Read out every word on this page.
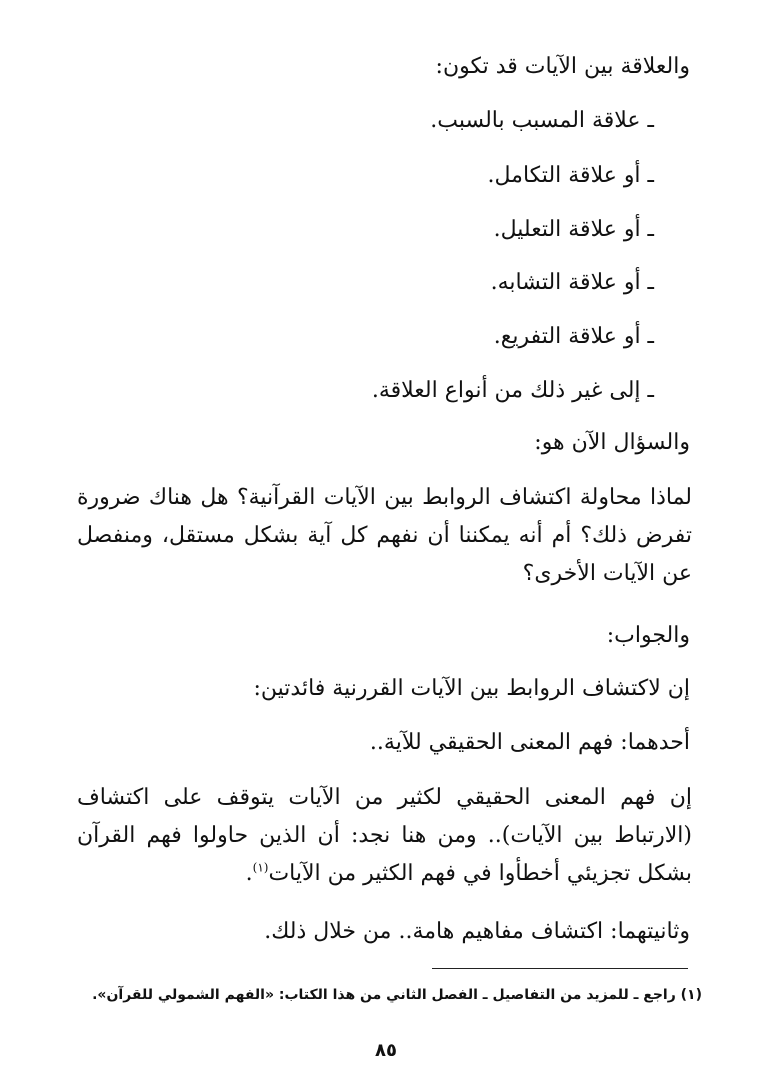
والعلاقة بين الآيات قد تكون:
ـ علاقة المسبب بالسبب.
ـ أو علاقة التكامل.
ـ أو علاقة التعليل.
ـ أو علاقة التشابه.
ـ أو علاقة التفريع.
ـ إلى غير ذلك من أنواع العلاقة.
والسؤال الآن هو:
لماذا محاولة اكتشاف الروابط بين الآيات القرآنية؟ هل هناك ضرورة تفرض ذلك؟ أم أنه يمكننا أن نفهم كل آية بشكل مستقل، ومنفصل عن الآيات الأخرى؟
والجواب:
إن لاكتشاف الروابط بين الآيات القررنية فائدتين:
أحدهما: فهم المعنى الحقيقي للآية..
إن فهم المعنى الحقيقي لكثير من الآيات يتوقف على اكتشاف (الارتباط بين الآيات).. ومن هنا نجد: أن الذين حاولوا فهم القرآن بشكل تجزيئي أخطأوا في فهم الكثير من الآيات$^{(١)}$.
وثانيتهما: اكتشاف مفاهيم هامة.. من خلال ذلك.
(١) راجع ـ للمزيد من التفاصيل ـ الفصل الثاني من هذا الكتاب: «الفهم الشمولي للقرآن».
٨٥
